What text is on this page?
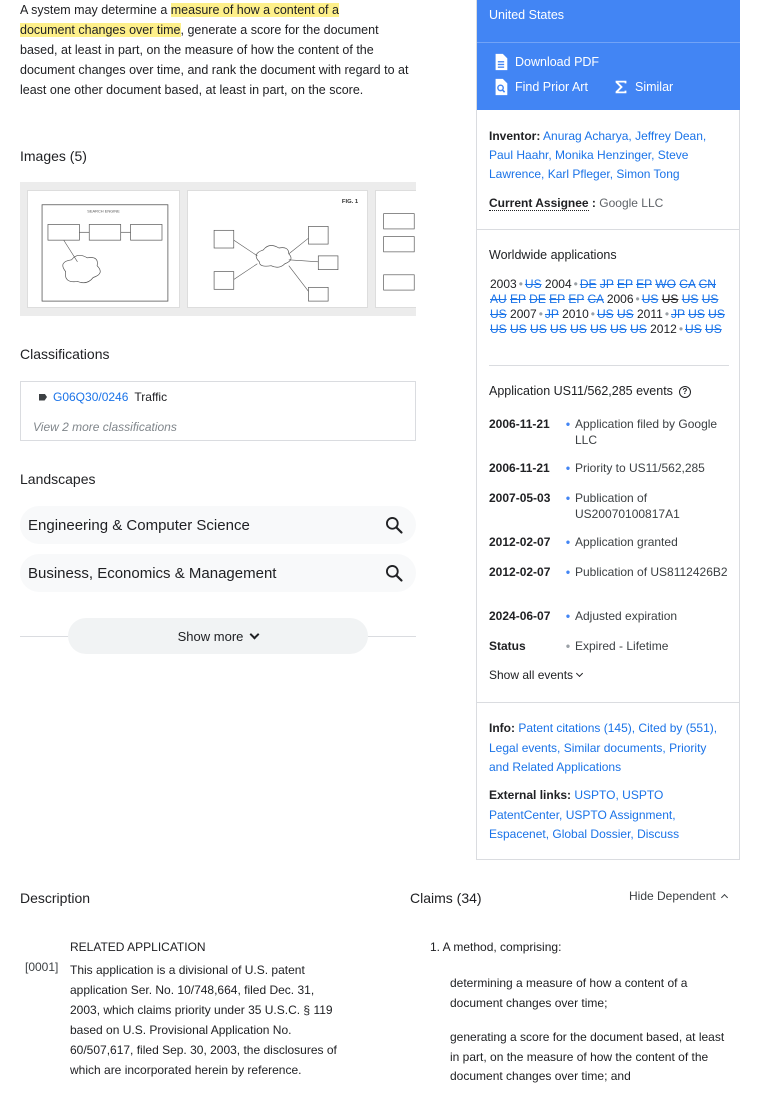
A system may determine a measure of how a content of a
document changes over time, generate a score for the document based, at least in part, on the measure of how the content of the document changes over time, and rank the document with regard to at least one other document based, at least in part, on the score.
Images (5)
SEARCH ENGINE
FIG. 1
Classifications
G06Q30/0246 Traffic
View 2 more classifications
Landscapes
Engineering & Computer Science
Business, Economics & Management
Show more
United States
Download PDF
Find Prior Art	Similar
Inventor: Anurag Acharya, Jeffrey Dean, Paul Haahr, Monika Henzinger, Steve Lawrence, Karl Pfleger, Simon Tong
Current Assignee : Google LLC
Worldwide applications
2003 • US 2004 • DE JP EP EP WO CA CN AU EP DE EP EP CA 2006 • US US US US US 2007 • JP 2010 • US US 2011 • JP US US US US US US US US US US 2012 • US US
Application US11/562,285 events	?
2006-11-21	• Application filed by Google LLC
2006-11-21	• Priority to US11/562,285
2007-05-03	• Publication of US20070100817A1
2012-02-07	• Application granted
2012-02-07	• Publication of US8112426B2
2024-06-07	• Adjusted expiration
Status	• Expired - Lifetime
Show all events
Info: Patent citations (145), Cited by (551), Legal events, Similar documents, Priority and Related Applications
External links: USPTO, USPTO PatentCenter, USPTO Assignment, Espacenet, Global Dossier, Discuss
Description	Claims (34)	Hide Dependent
RELATED APPLICATION
[0001] This application is a divisional of U.S. patent application Ser. No. 10/748,664, filed Dec. 31, 2003, which claims priority under 35 U.S.C. § 119 based on U.S. Provisional Application No. 60/507,617, filed Sep. 30, 2003, the disclosures of which are incorporated herein by reference.
1. A method, comprising:
determining a measure of how a content of a document changes over time;
generating a score for the document based, at least in part, on the measure of how the content of the document changes over time; and
